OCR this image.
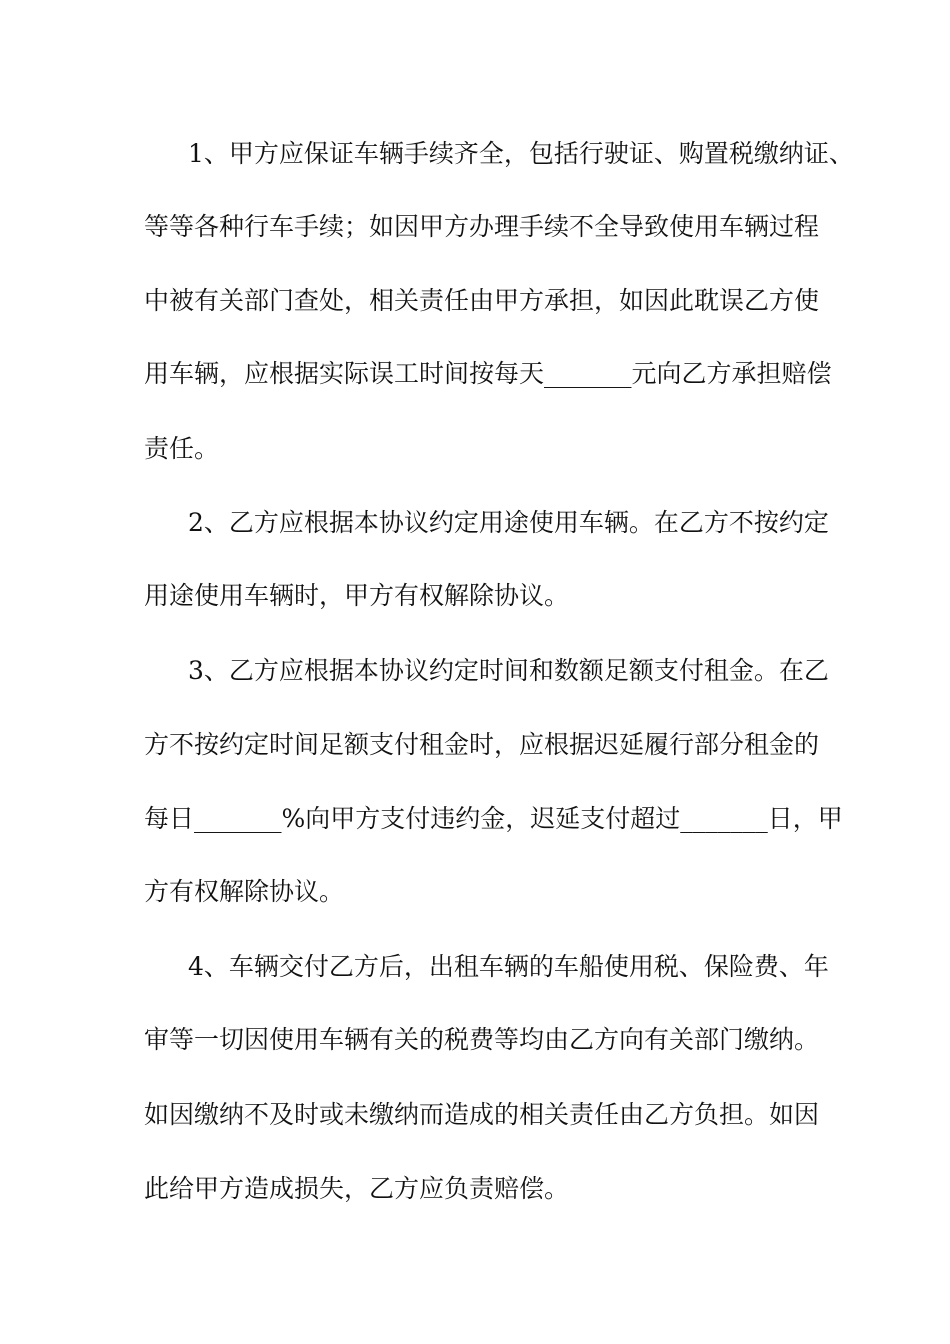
1、甲方应保证车辆手续齐全，包括行驶证、购置税缴纳证、
等等各种行车手续；如因甲方办理手续不全导致使用车辆过程
中被有关部门查处，相关责任由甲方承担，如因此耽误乙方使
用车辆，应根据实际误工时间按每天_______元向乙方承担赔偿
责任。
2、乙方应根据本协议约定用途使用车辆。在乙方不按约定
用途使用车辆时，甲方有权解除协议。
3、乙方应根据本协议约定时间和数额足额支付租金。在乙
方不按约定时间足额支付租金时，应根据迟延履行部分租金的
每日_______%向甲方支付违约金，迟延支付超过_______日，甲
方有权解除协议。
4、车辆交付乙方后，出租车辆的车船使用税、保险费、年
审等一切因使用车辆有关的税费等均由乙方向有关部门缴纳。
如因缴纳不及时或未缴纳而造成的相关责任由乙方负担。如因
此给甲方造成损失，乙方应负责赔偿。
